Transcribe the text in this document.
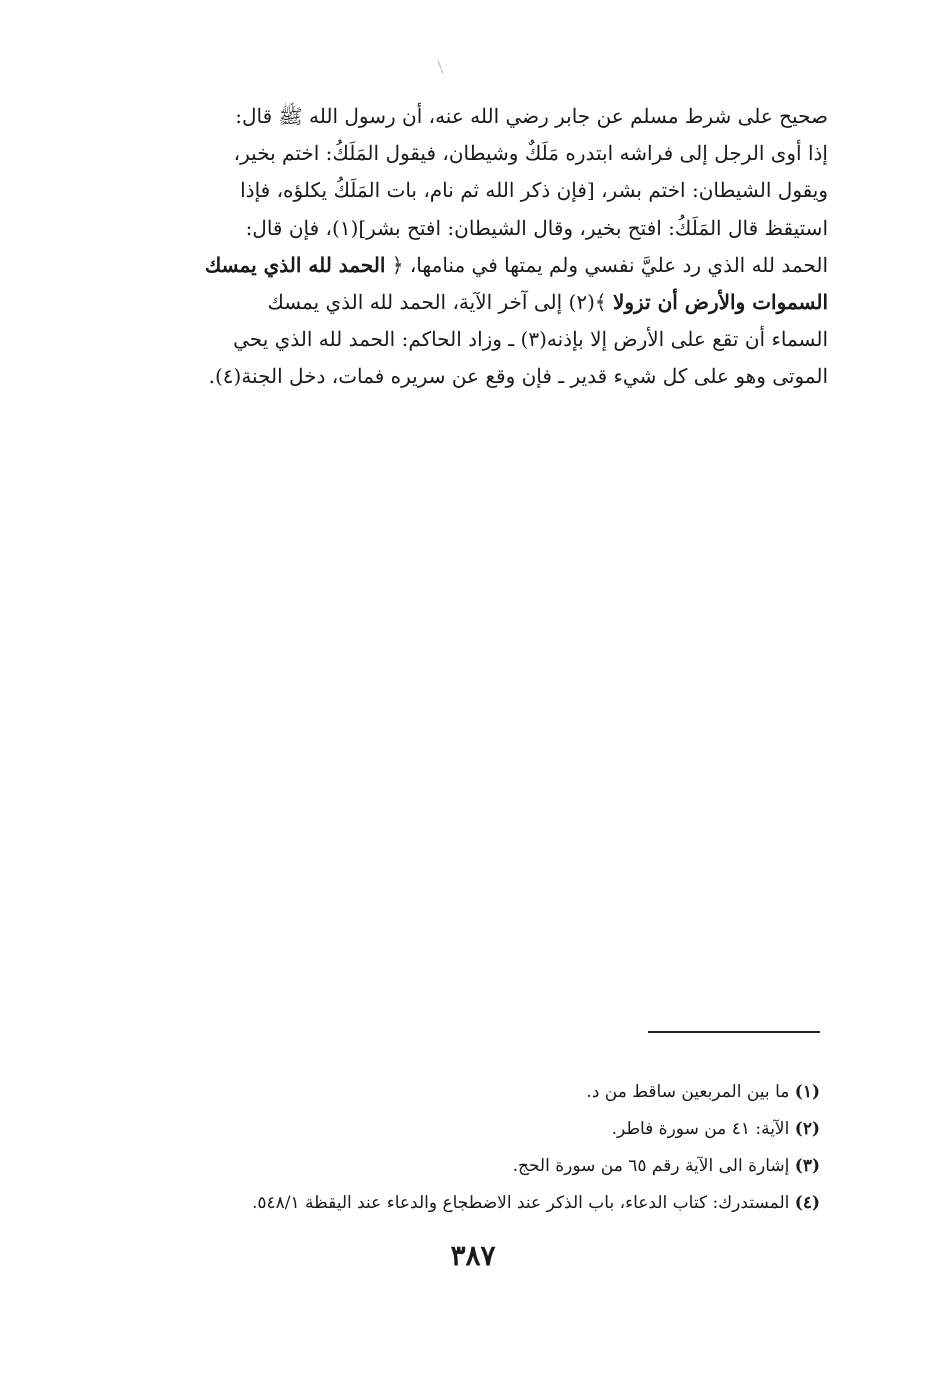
صحيح على شرط مسلم عن جابر رضي الله عنه، أن رسول الله ﷺ قال:
إذا أوى الرجل إلى فراشه ابتدره مَلَكٌ وشيطان، فيقول المَلَكُ: اختم بخير،
ويقول الشيطان: اختم بشر، [فإن ذكر الله ثم نام، بات المَلَكُ يكلؤه، فإذا
استيقظ قال المَلَكُ: افتح بخير، وقال الشيطان: افتح بشر](١)، فإن قال:
الحمد لله الذي رد عليَّ نفسي ولم يمتها في منامها، ﴿ الحمد لله الذي يمسك
السموات والأرض أن تزولا ﴾(٢) إلى آخر الآية، الحمد لله الذي يمسك
السماء أن تقع على الأرض إلا بإذنه(٣) ـ وزاد الحاكم: الحمد لله الذي يحي
الموتى وهو على كل شيء قدير ـ فإن وقع عن سريره فمات، دخل الجنة(٤).
(١) ما بين المربعين ساقط من د.
(٢) الآية: ٤١ من سورة فاطر.
(٣) إشارة الى الآية رقم ٦٥ من سورة الحج.
(٤) المستدرك: كتاب الدعاء، باب الذكر عند الاضطجاع والدعاء عند اليقظة ٥٤٨/١.
٣٨٧
